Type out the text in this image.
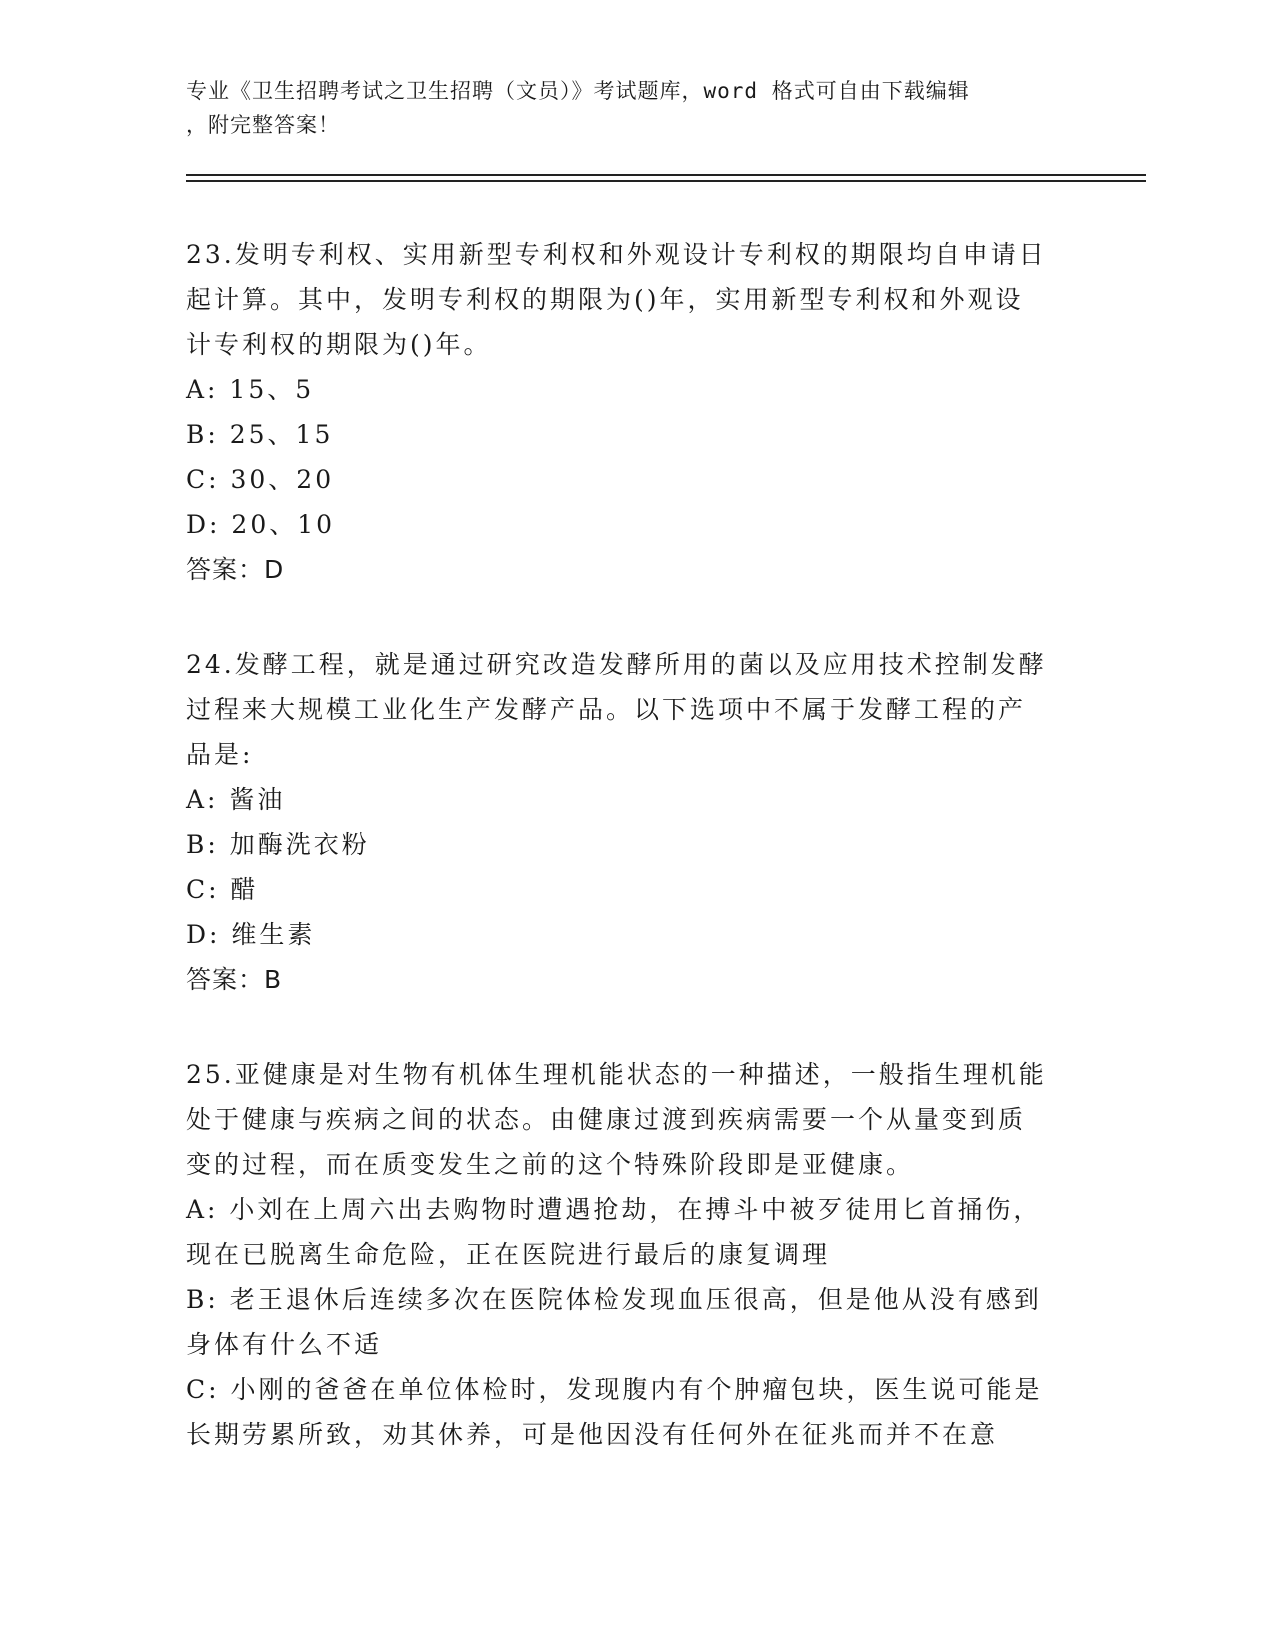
专业《卫生招聘考试之卫生招聘（文员）》考试题库，word 格式可自由下载编辑
，附完整答案！

23.发明专利权、实用新型专利权和外观设计专利权的期限均自申请日

起计算。其中，发明专利权的期限为()年，实用新型专利权和外观设

计专利权的期限为()年。

A: 15、5

B: 25、15

C: 30、20

D: 20、10

答案：D

24.发酵工程，就是通过研究改造发酵所用的菌以及应用技术控制发酵

过程来大规模工业化生产发酵产品。以下选项中不属于发酵工程的产

品是:

A: 酱油

B: 加酶洗衣粉

C: 醋

D: 维生素

答案：B

25.亚健康是对生物有机体生理机能状态的一种描述，一般指生理机能

处于健康与疾病之间的状态。由健康过渡到疾病需要一个从量变到质

变的过程，而在质变发生之前的这个特殊阶段即是亚健康。

A: 小刘在上周六出去购物时遭遇抢劫，在搏斗中被歹徒用匕首捅伤，

现在已脱离生命危险，正在医院进行最后的康复调理

B: 老王退休后连续多次在医院体检发现血压很高，但是他从没有感到

身体有什么不适

C: 小刚的爸爸在单位体检时，发现腹内有个肿瘤包块，医生说可能是

长期劳累所致，劝其休养，可是他因没有任何外在征兆而并不在意
